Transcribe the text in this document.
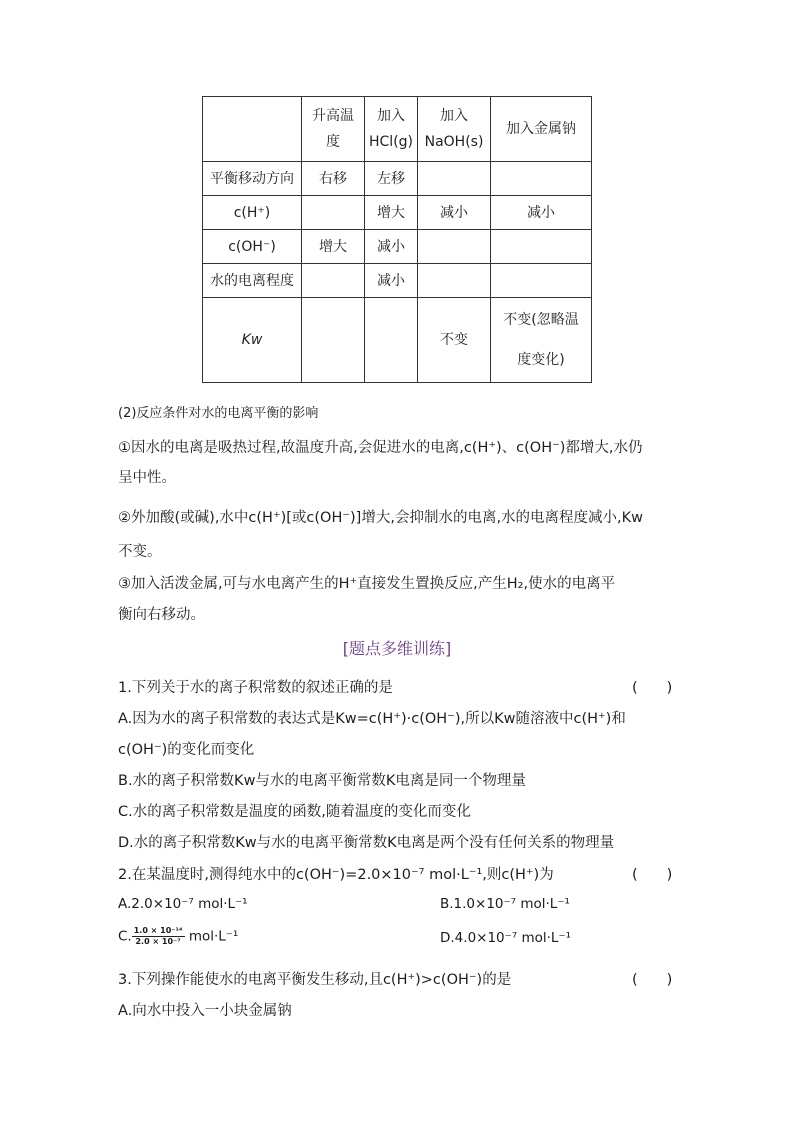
	升高温度	加入HCl(g)	加入NaOH(s)	加入金属钠
平衡移动方向	右移	左移		
c(H⁺)		增大	减小	减小
c(OH⁻)	增大	减小		
水的电离程度		减小		
Kw			不变	不变(忽略温度变化)
(2)反应条件对水的电离平衡的影响
①因水的电离是吸热过程,故温度升高,会促进水的电离,c(H⁺)、c(OH⁻)都增大,水仍
呈中性。
②外加酸(或碱),水中c(H⁺)[或c(OH⁻)]增大,会抑制水的电离,水的电离程度减小,Kw
不变。
③加入活泼金属,可与水电离产生的H⁺直接发生置换反应,产生H₂,使水的电离平
衡向右移动。
[题点多维训练]
1.下列关于水的离子积常数的叙述正确的是	(　　)
A.因为水的离子积常数的表达式是Kw=c(H⁺)·c(OH⁻),所以Kw随溶液中c(H⁺)和
c(OH⁻)的变化而变化
B.水的离子积常数Kw与水的电离平衡常数K电离是同一个物理量
C.水的离子积常数是温度的函数,随着温度的变化而变化
D.水的离子积常数Kw与水的电离平衡常数K电离是两个没有任何关系的物理量
2.在某温度时,测得纯水中的c(OH⁻)=2.0×10⁻⁷ mol·L⁻¹,则c(H⁺)为	(　　)
A.2.0×10⁻⁷ mol·L⁻¹	B.1.0×10⁻⁷ mol·L⁻¹
C. $\frac{\text{1.0 × 10⁻¹⁴}}{\text{2.0 × 10⁻⁷}} mol\cdot L^{-1}$	D.4.0×10⁻⁷ mol·L⁻¹
3.下列操作能使水的电离平衡发生移动,且c(H⁺)>c(OH⁻)的是	(　　)
A.向水中投入一小块金属钠
